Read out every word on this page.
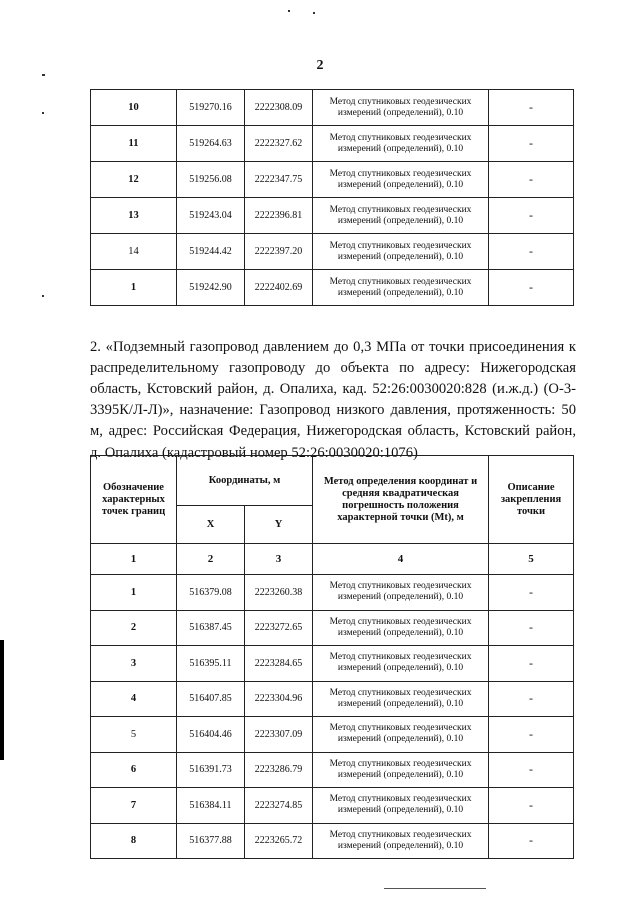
2
10	519270.16	2222308.09	Метод спутниковых геодезических измерений (определений), 0.10	-
11	519264.63	2222327.62	Метод спутниковых геодезических измерений (определений), 0.10	-
12	519256.08	2222347.75	Метод спутниковых геодезических измерений (определений), 0.10	-
13	519243.04	2222396.81	Метод спутниковых геодезических измерений (определений), 0.10	-
14	519244.42	2222397.20	Метод спутниковых геодезических измерений (определений), 0.10	-
1	519242.90	2222402.69	Метод спутниковых геодезических измерений (определений), 0.10	-

2. «Подземный газопровод давлением до 0,3 МПа от точки присоединения к распределительному газопроводу до объекта по адресу: Нижегородская область, Кстовский район, д. Опалиха, кад. 52:26:0030020:828 (и.ж.д.) (О-3-3395К/Л-Л)», назначение: Газопровод низкого давления, протяженность: 50 м, адрес: Российская Федерация, Нижегородская область, Кстовский район, д. Опалиха (кадастровый номер 52:26:0030020:1076)

Обозначение характерных точек границ	Координаты, м		Метод определения координат и средняя квадратическая погрешность положения характерной точки (Mt), м	Описание закрепления точки
	X	Y		
1	2	3	4	5
1	516379.08	2223260.38	Метод спутниковых геодезических измерений (определений), 0.10	-
2	516387.45	2223272.65	Метод спутниковых геодезических измерений (определений), 0.10	-
3	516395.11	2223284.65	Метод спутниковых геодезических измерений (определений), 0.10	-
4	516407.85	2223304.96	Метод спутниковых геодезических измерений (определений), 0.10	-
5	516404.46	2223307.09	Метод спутниковых геодезических измерений (определений), 0.10	-
6	516391.73	2223286.79	Метод спутниковых геодезических измерений (определений), 0.10	-
7	516384.11	2223274.85	Метод спутниковых геодезических измерений (определений), 0.10	-
8	516377.88	2223265.72	Метод спутниковых геодезических измерений (определений), 0.10	-
